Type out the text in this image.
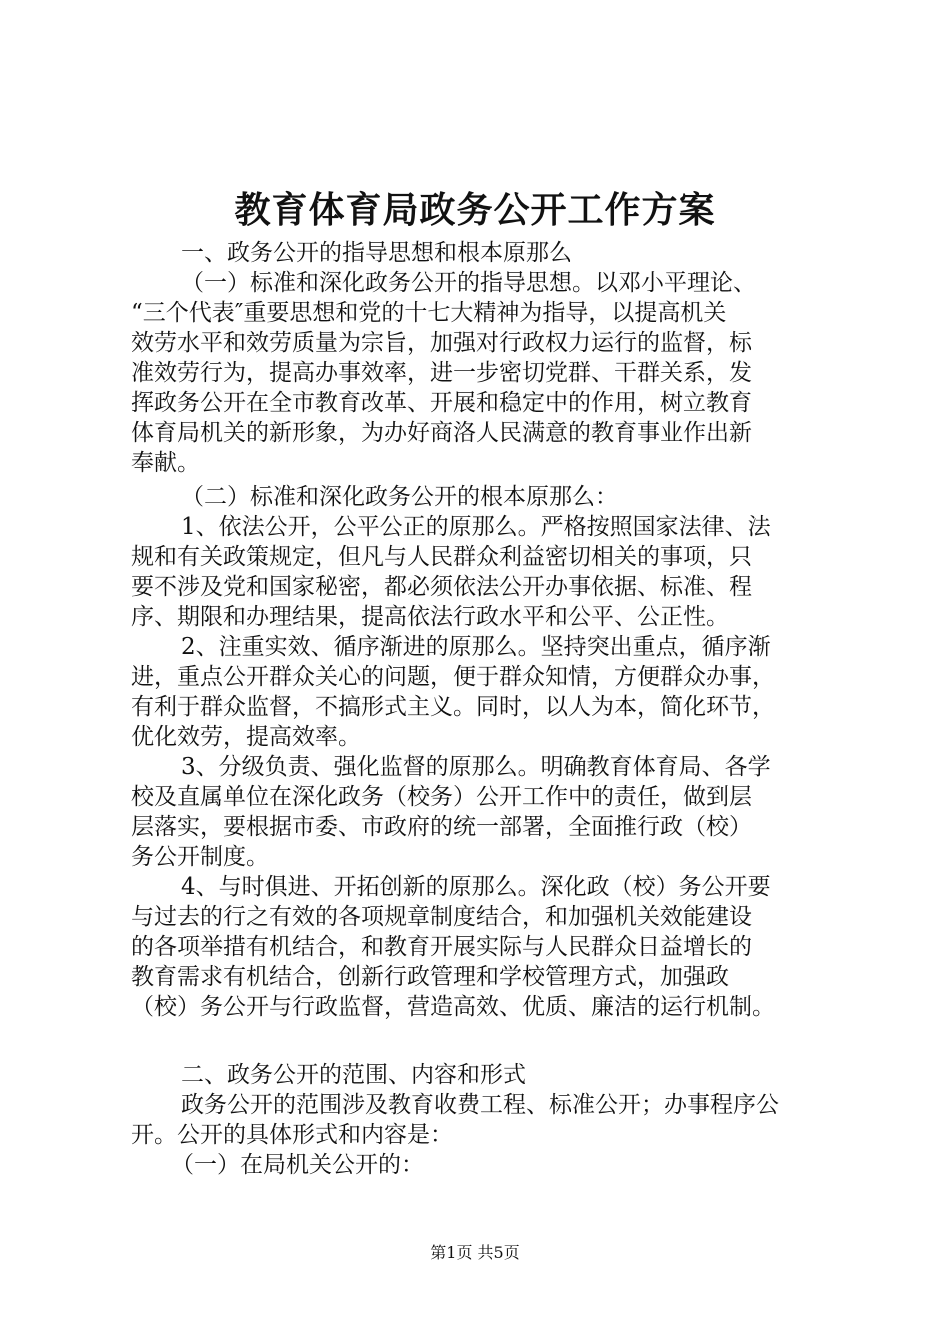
教育体育局政务公开工作方案
一、政务公开的指导思想和根本原那么
（一）标准和深化政务公开的指导思想。以邓小平理论、
“三个代表″重要思想和党的十七大精神为指导，以提高机关
效劳水平和效劳质量为宗旨，加强对行政权力运行的监督，标
准效劳行为，提高办事效率，进一步密切党群、干群关系，发
挥政务公开在全市教育改革、开展和稳定中的作用，树立教育
体育局机关的新形象，为办好商洛人民满意的教育事业作出新
奉献。
（二）标准和深化政务公开的根本原那么：
1、依法公开，公平公正的原那么。严格按照国家法律、法
规和有关政策规定，但凡与人民群众利益密切相关的事项，只
要不涉及党和国家秘密，都必须依法公开办事依据、标准、程
序、期限和办理结果，提高依法行政水平和公平、公正性。
2、注重实效、循序渐进的原那么。坚持突出重点，循序渐
进，重点公开群众关心的问题，便于群众知情，方便群众办事，
有利于群众监督，不搞形式主义。同时，以人为本，简化环节，
优化效劳，提高效率。
3、分级负责、强化监督的原那么。明确教育体育局、各学
校及直属单位在深化政务（校务）公开工作中的责任，做到层
层落实，要根据市委、市政府的统一部署，全面推行政（校）
务公开制度。
4、与时俱进、开拓创新的原那么。深化政（校）务公开要
与过去的行之有效的各项规章制度结合，和加强机关效能建设
的各项举措有机结合，和教育开展实际与人民群众日益增长的
教育需求有机结合，创新行政管理和学校管理方式，加强政
（校）务公开与行政监督，营造高效、优质、廉洁的运行机制。
二、政务公开的范围、内容和形式
政务公开的范围涉及教育收费工程、标准公开；办事程序公
开。公开的具体形式和内容是：
（一）在局机关公开的：
第1页 共5页
